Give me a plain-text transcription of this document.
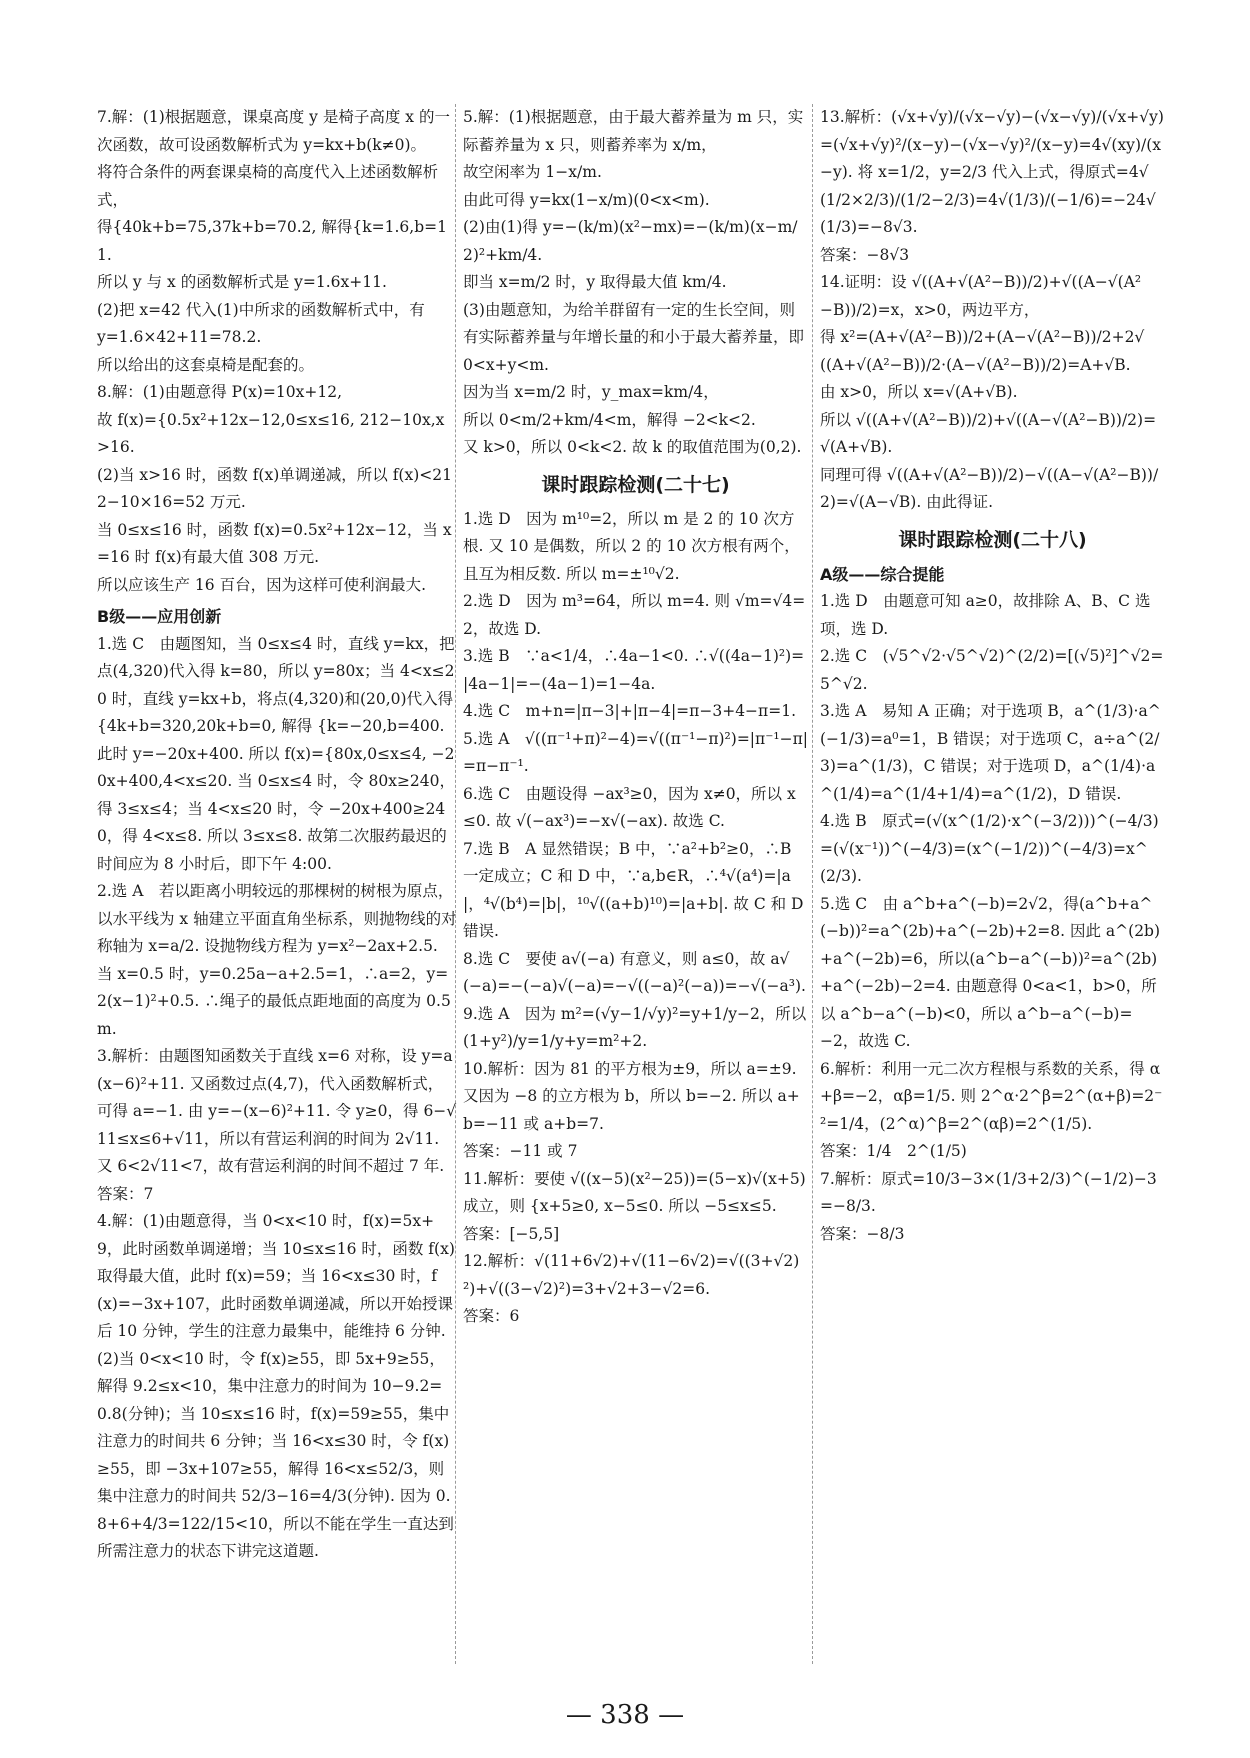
7.解：(1)根据题意，课桌高度 y 是椅子高度 x 的一次函数，故可设函数解析式为 y=kx+b(k≠0)。
将符合条件的两套课桌椅的高度代入上述函数解析式，
得{40k+b=75,37k+b=70.2, 解得{k=1.6,b=11.
所以 y 与 x 的函数解析式是 y=1.6x+11.
(2)把 x=42 代入(1)中所求的函数解析式中，有
y=1.6×42+11=78.2.
所以给出的这套桌椅是配套的。
8.解：(1)由题意得 P(x)=10x+12,
故 f(x)={0.5x²+12x−12,0≤x≤16, 212−10x,x>16.
(2)当 x>16 时，函数 f(x)单调递减，所以 f(x)<212−10×16=52 万元.
当 0≤x≤16 时，函数 f(x)=0.5x²+12x−12，当 x=16 时 f(x)有最大值 308 万元.
所以应该生产 16 百台，因为这样可使利润最大.
B级——应用创新
1.选 C　由题图知，当 0≤x≤4 时，直线 y=kx，把点(4,320)代入得 k=80，所以 y=80x；当 4<x≤20 时，直线 y=kx+b，将点(4,320)和(20,0)代入得 {4k+b=320,20k+b=0, 解得 {k=−20,b=400. 此时 y=−20x+400. 所以 f(x)={80x,0≤x≤4, −20x+400,4<x≤20. 当 0≤x≤4 时，令 80x≥240，得 3≤x≤4；当 4<x≤20 时，令 −20x+400≥240，得 4<x≤8. 所以 3≤x≤8. 故第二次服药最迟的时间应为 8 小时后，即下午 4:00.
2.选 A　若以距离小明较远的那棵树的树根为原点，以水平线为 x 轴建立平面直角坐标系，则抛物线的对称轴为 x=a/2. 设抛物线方程为 y=x²−2ax+2.5. 当 x=0.5 时，y=0.25a−a+2.5=1，∴a=2，y=2(x−1)²+0.5. ∴绳子的最低点距地面的高度为 0.5 m.
3.解析：由题图知函数关于直线 x=6 对称，设 y=a(x−6)²+11. 又函数过点(4,7)，代入函数解析式，可得 a=−1. 由 y=−(x−6)²+11. 令 y≥0，得 6−√11≤x≤6+√11，所以有营运利润的时间为 2√11. 又 6<2√11<7，故有营运利润的时间不超过 7 年.
答案：7
4.解：(1)由题意得，当 0<x<10 时，f(x)=5x+9，此时函数单调递增；当 10≤x≤16 时，函数 f(x)取得最大值，此时 f(x)=59；当 16<x≤30 时，f(x)=−3x+107，此时函数单调递减，所以开始授课后 10 分钟，学生的注意力最集中，能维持 6 分钟.
(2)当 0<x<10 时，令 f(x)≥55，即 5x+9≥55，解得 9.2≤x<10，集中注意力的时间为 10−9.2=0.8(分钟)；当 10≤x≤16 时，f(x)=59≥55，集中注意力的时间共 6 分钟；当 16<x≤30 时，令 f(x)≥55，即 −3x+107≥55，解得 16<x≤52/3，则集中注意力的时间共 52/3−16=4/3(分钟). 因为 0.8+6+4/3=122/15<10，所以不能在学生一直达到所需注意力的状态下讲完这道题.
5.解：(1)根据题意，由于最大蓄养量为 m 只，实际蓄养量为 x 只，则蓄养率为 x/m，
故空闲率为 1−x/m.
由此可得 y=kx(1−x/m)(0<x<m).
(2)由(1)得 y=−(k/m)(x²−mx)=−(k/m)(x−m/2)²+km/4.
即当 x=m/2 时，y 取得最大值 km/4.
(3)由题意知，为给羊群留有一定的生长空间，则有实际蓄养量与年增长量的和小于最大蓄养量，即 0<x+y<m.
因为当 x=m/2 时，y_max=km/4，
所以 0<m/2+km/4<m，解得 −2<k<2.
又 k>0，所以 0<k<2. 故 k 的取值范围为(0,2).
课时跟踪检测(二十七)
1.选 D　因为 m¹⁰=2，所以 m 是 2 的 10 次方根. 又 10 是偶数，所以 2 的 10 次方根有两个，且互为相反数. 所以 m=±¹⁰√2.
2.选 D　因为 m³=64，所以 m=4. 则 √m=√4=2，故选 D.
3.选 B　∵a<1/4，∴4a−1<0. ∴√((4a−1)²)=|4a−1|=−(4a−1)=1−4a.
4.选 C　m+n=|π−3|+|π−4|=π−3+4−π=1.
5.选 A　√((π⁻¹+π)²−4)=√((π⁻¹−π)²)=|π⁻¹−π|=π−π⁻¹.
6.选 C　由题设得 −ax³≥0，因为 x≠0，所以 x≤0. 故 √(−ax³)=−x√(−ax). 故选 C.
7.选 B　A 显然错误；B 中，∵a²+b²≥0，∴B 一定成立；C 和 D 中，∵a,b∈R，∴⁴√(a⁴)=|a|，⁴√(b⁴)=|b|，¹⁰√((a+b)¹⁰)=|a+b|. 故 C 和 D 错误.
8.选 C　要使 a√(−a) 有意义，则 a≤0，故 a√(−a)=−(−a)√(−a)=−√((−a)²(−a))=−√(−a³).
9.选 A　因为 m²=(√y−1/√y)²=y+1/y−2，所以 (1+y²)/y=1/y+y=m²+2.
10.解析：因为 81 的平方根为±9，所以 a=±9. 又因为 −8 的立方根为 b，所以 b=−2. 所以 a+b=−11 或 a+b=7.
答案：−11 或 7
11.解析：要使 √((x−5)(x²−25))=(5−x)√(x+5) 成立，则 {x+5≥0, x−5≤0. 所以 −5≤x≤5.
答案：[−5,5]
12.解析：√(11+6√2)+√(11−6√2)=√((3+√2)²)+√((3−√2)²)=3+√2+3−√2=6.
答案：6
13.解析：(√x+√y)/(√x−√y)−(√x−√y)/(√x+√y)=(√x+√y)²/(x−y)−(√x−√y)²/(x−y)=4√(xy)/(x−y). 将 x=1/2，y=2/3 代入上式，得原式=4√(1/2×2/3)/(1/2−2/3)=4√(1/3)/(−1/6)=−24√(1/3)=−8√3.
答案：−8√3
14.证明：设 √((A+√(A²−B))/2)+√((A−√(A²−B))/2)=x，x>0，两边平方，
得 x²=(A+√(A²−B))/2+(A−√(A²−B))/2+2√((A+√(A²−B))/2·(A−√(A²−B))/2)=A+√B.
由 x>0，所以 x=√(A+√B).
所以 √((A+√(A²−B))/2)+√((A−√(A²−B))/2)=√(A+√B).
同理可得 √((A+√(A²−B))/2)−√((A−√(A²−B))/2)=√(A−√B). 由此得证.
课时跟踪检测(二十八)
A级——综合提能
1.选 D　由题意可知 a≥0，故排除 A、B、C 选项，选 D.
2.选 C　(√5^√2·√5^√2)^(2/2)=[(√5)²]^√2=5^√2.
3.选 A　易知 A 正确；对于选项 B，a^(1/3)·a^(−1/3)=a⁰=1，B 错误；对于选项 C，a÷a^(2/3)=a^(1/3)，C 错误；对于选项 D，a^(1/4)·a^(1/4)=a^(1/4+1/4)=a^(1/2)，D 错误.
4.选 B　原式=(√(x^(1/2)·x^(−3/2)))^(−4/3)=(√(x⁻¹))^(−4/3)=(x^(−1/2))^(−4/3)=x^(2/3).
5.选 C　由 a^b+a^(−b)=2√2，得(a^b+a^(−b))²=a^(2b)+a^(−2b)+2=8. 因此 a^(2b)+a^(−2b)=6，所以(a^b−a^(−b))²=a^(2b)+a^(−2b)−2=4. 由题意得 0<a<1，b>0，所以 a^b−a^(−b)<0，所以 a^b−a^(−b)=−2，故选 C.
6.解析：利用一元二次方程根与系数的关系，得 α+β=−2，αβ=1/5. 则 2^α·2^β=2^(α+β)=2⁻²=1/4，(2^α)^β=2^(αβ)=2^(1/5).
答案：1/4　2^(1/5)
7.解析：原式=10/3−3×(1/3+2/3)^(−1/2)−3=−8/3.
答案：−8/3
— 338 —
